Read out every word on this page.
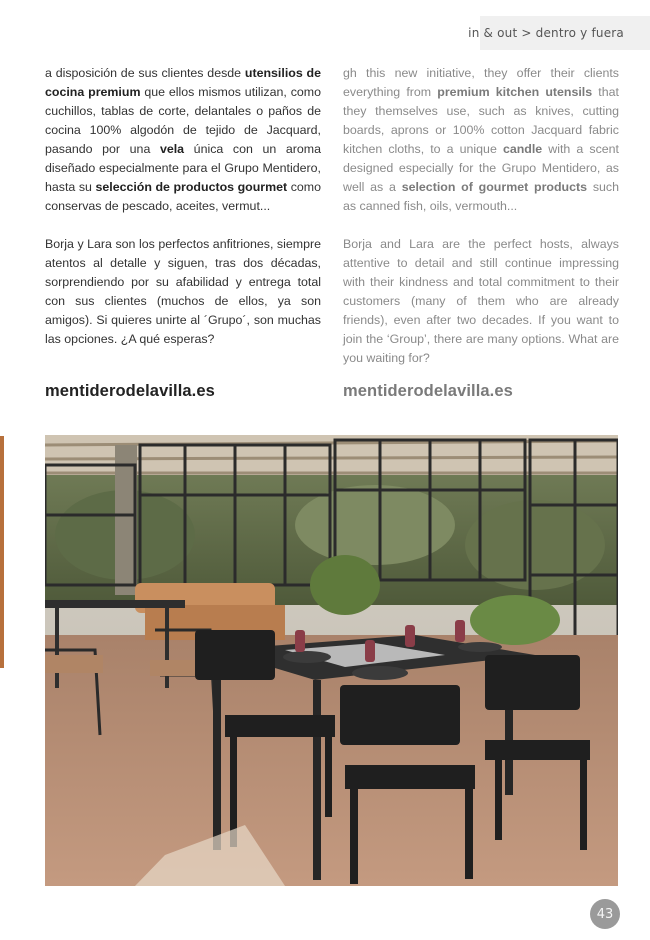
in & out > dentro y fuera

a disposición de sus clientes desde utensilios de cocina premium que ellos mismos utilizan, como cuchillos, tablas de corte, delantales o paños de cocina 100% algodón de tejido de Jacquard, pasando por una vela única con un aroma diseñado especialmente para el Grupo Mentidero, hasta su selección de productos gourmet como conservas de pescado, aceites, vermut...

Borja y Lara son los perfectos anfitriones, siempre atentos al detalle y siguen, tras dos décadas, sorprendiendo por su afabilidad y entrega total con sus clientes (muchos de ellos, ya son amigos). Si quieres unirte al ´Grupo´, son muchas las opciones. ¿A qué esperas?

gh this new initiative, they offer their clients everything from premium kitchen utensils that they themselves use, such as knives, cutting boards, aprons or 100% cotton Jacquard fabric kitchen cloths, to a unique candle with a scent designed especially for the Grupo Mentidero, as well as a selection of gourmet products such as canned fish, oils, vermouth...

Borja and Lara are the perfect hosts, always attentive to detail and still continue impressing with their kindness and total commitment to their customers (many of them who are already friends), even after two decades. If you want to join the ‘Group’, there are many options. What are you waiting for?

mentiderodelavilla.es	mentiderodelavilla.es
43
